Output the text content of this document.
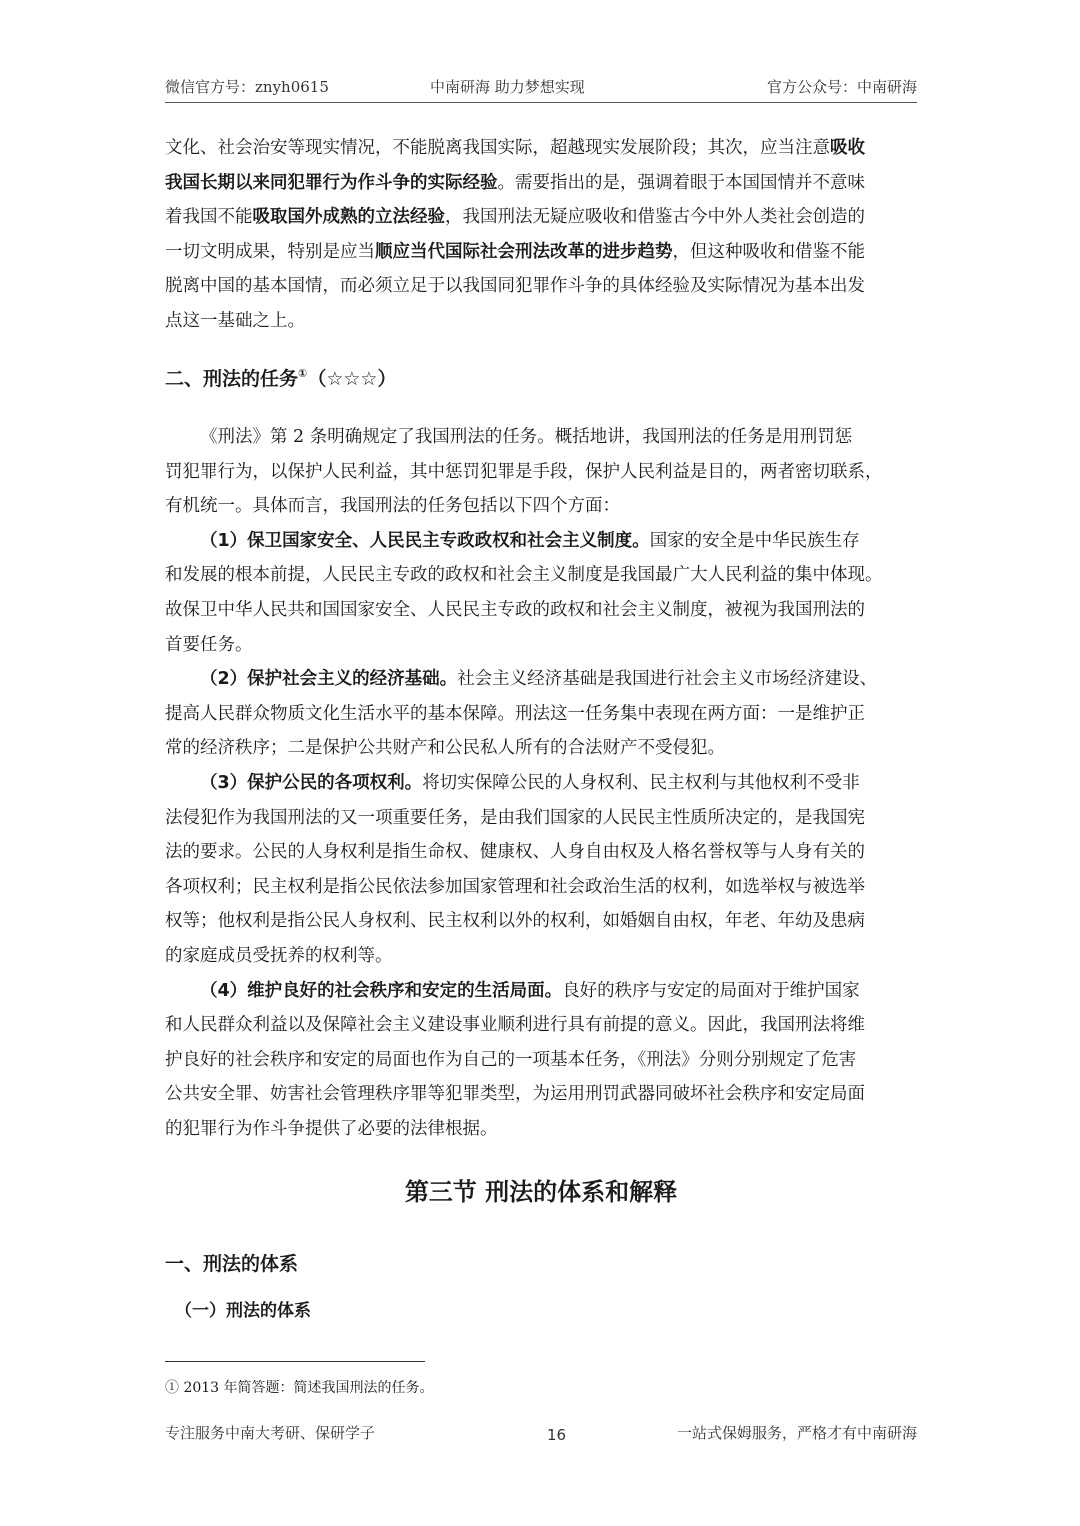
微信官方号：znyh0615	中南研海 助力梦想实现	官方公众号：中南研海

文化、社会治安等现实情况，不能脱离我国实际，超越现实发展阶段；其次，应当注意吸收

我国长期以来同犯罪行为作斗争的实际经验。需要指出的是，强调着眼于本国国情并不意味

着我国不能吸取国外成熟的立法经验，我国刑法无疑应吸收和借鉴古今中外人类社会创造的

一切文明成果，特别是应当顺应当代国际社会刑法改革的进步趋势，但这种吸收和借鉴不能

脱离中国的基本国情，而必须立足于以我国同犯罪作斗争的具体经验及实际情况为基本出发

点这一基础之上。

二、刑法的任务①（☆☆☆）

《刑法》第 2 条明确规定了我国刑法的任务。概括地讲，我国刑法的任务是用刑罚惩

罚犯罪行为，以保护人民利益，其中惩罚犯罪是手段，保护人民利益是目的，两者密切联系，

有机统一。具体而言，我国刑法的任务包括以下四个方面：

（1）保卫国家安全、人民民主专政政权和社会主义制度。国家的安全是中华民族生存

和发展的根本前提，人民民主专政的政权和社会主义制度是我国最广大人民利益的集中体现。

故保卫中华人民共和国国家安全、人民民主专政的政权和社会主义制度，被视为我国刑法的

首要任务。

（2）保护社会主义的经济基础。社会主义经济基础是我国进行社会主义市场经济建设、

提高人民群众物质文化生活水平的基本保障。刑法这一任务集中表现在两方面：一是维护正

常的经济秩序；二是保护公共财产和公民私人所有的合法财产不受侵犯。

（3）保护公民的各项权利。将切实保障公民的人身权利、民主权利与其他权利不受非

法侵犯作为我国刑法的又一项重要任务，是由我们国家的人民民主性质所决定的，是我国宪

法的要求。公民的人身权利是指生命权、健康权、人身自由权及人格名誉权等与人身有关的

各项权利；民主权利是指公民依法参加国家管理和社会政治生活的权利，如选举权与被选举

权等；他权利是指公民人身权利、民主权利以外的权利，如婚姻自由权，年老、年幼及患病

的家庭成员受抚养的权利等。

（4）维护良好的社会秩序和安定的生活局面。良好的秩序与安定的局面对于维护国家

和人民群众利益以及保障社会主义建设事业顺利进行具有前提的意义。因此，我国刑法将维

护良好的社会秩序和安定的局面也作为自己的一项基本任务，《刑法》分则分别规定了危害

公共安全罪、妨害社会管理秩序罪等犯罪类型，为运用刑罚武器同破坏社会秩序和安定局面

的犯罪行为作斗争提供了必要的法律根据。

第三节 刑法的体系和解释
一、刑法的体系
（一）刑法的体系
① 2013 年简答题：简述我国刑法的任务。
专注服务中南大考研、保研学子	16	一站式保姆服务，严格才有中南研海
